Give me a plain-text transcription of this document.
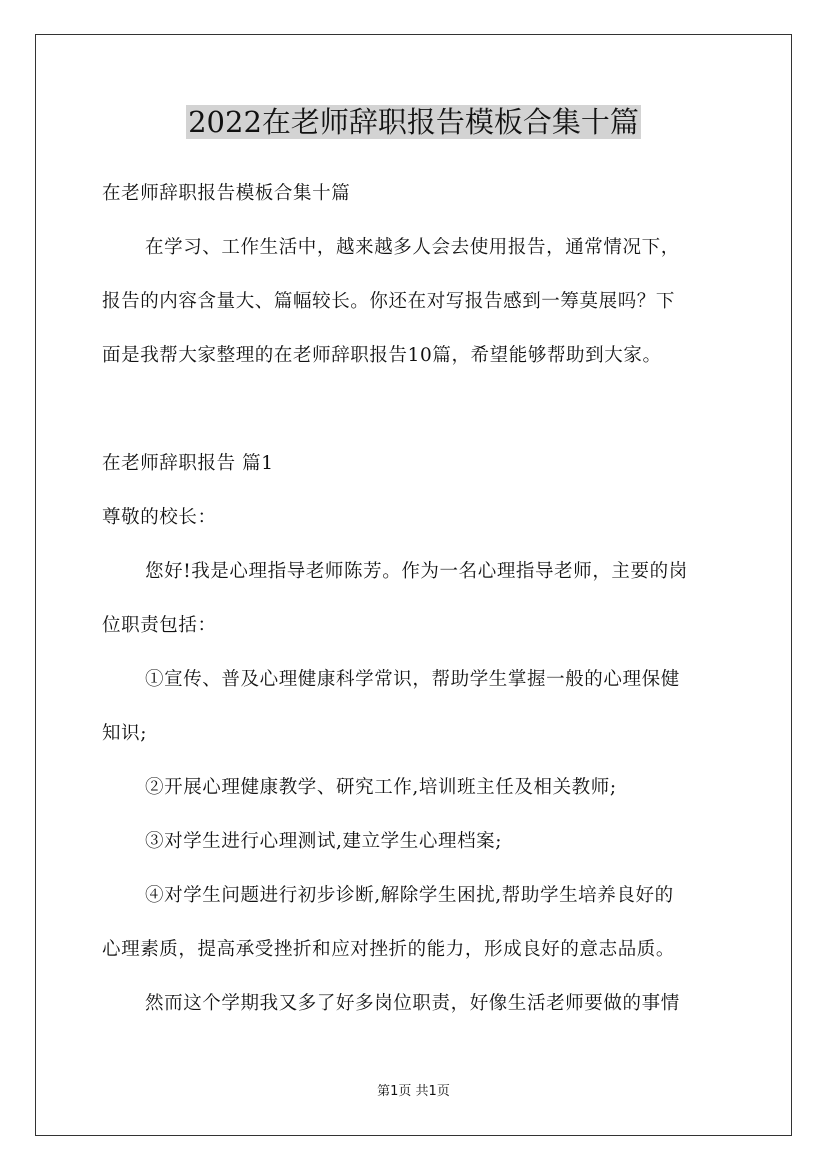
2022在老师辞职报告模板合集十篇
在老师辞职报告模板合集十篇
在学习、工作生活中，越来越多人会去使用报告，通常情况下，
报告的内容含量大、篇幅较长。你还在对写报告感到一筹莫展吗？下
面是我帮大家整理的在老师辞职报告10篇，希望能够帮助到大家。
在老师辞职报告 篇1
尊敬的校长：
您好!我是心理指导老师陈芳。作为一名心理指导老师，主要的岗
位职责包括：
①宣传、普及心理健康科学常识，帮助学生掌握一般的心理保健
知识;
②开展心理健康教学、研究工作,培训班主任及相关教师;
③对学生进行心理测试,建立学生心理档案;
④对学生问题进行初步诊断,解除学生困扰,帮助学生培养良好的
心理素质，提高承受挫折和应对挫折的能力，形成良好的意志品质。
然而这个学期我又多了好多岗位职责，好像生活老师要做的事情
第1页 共1页
